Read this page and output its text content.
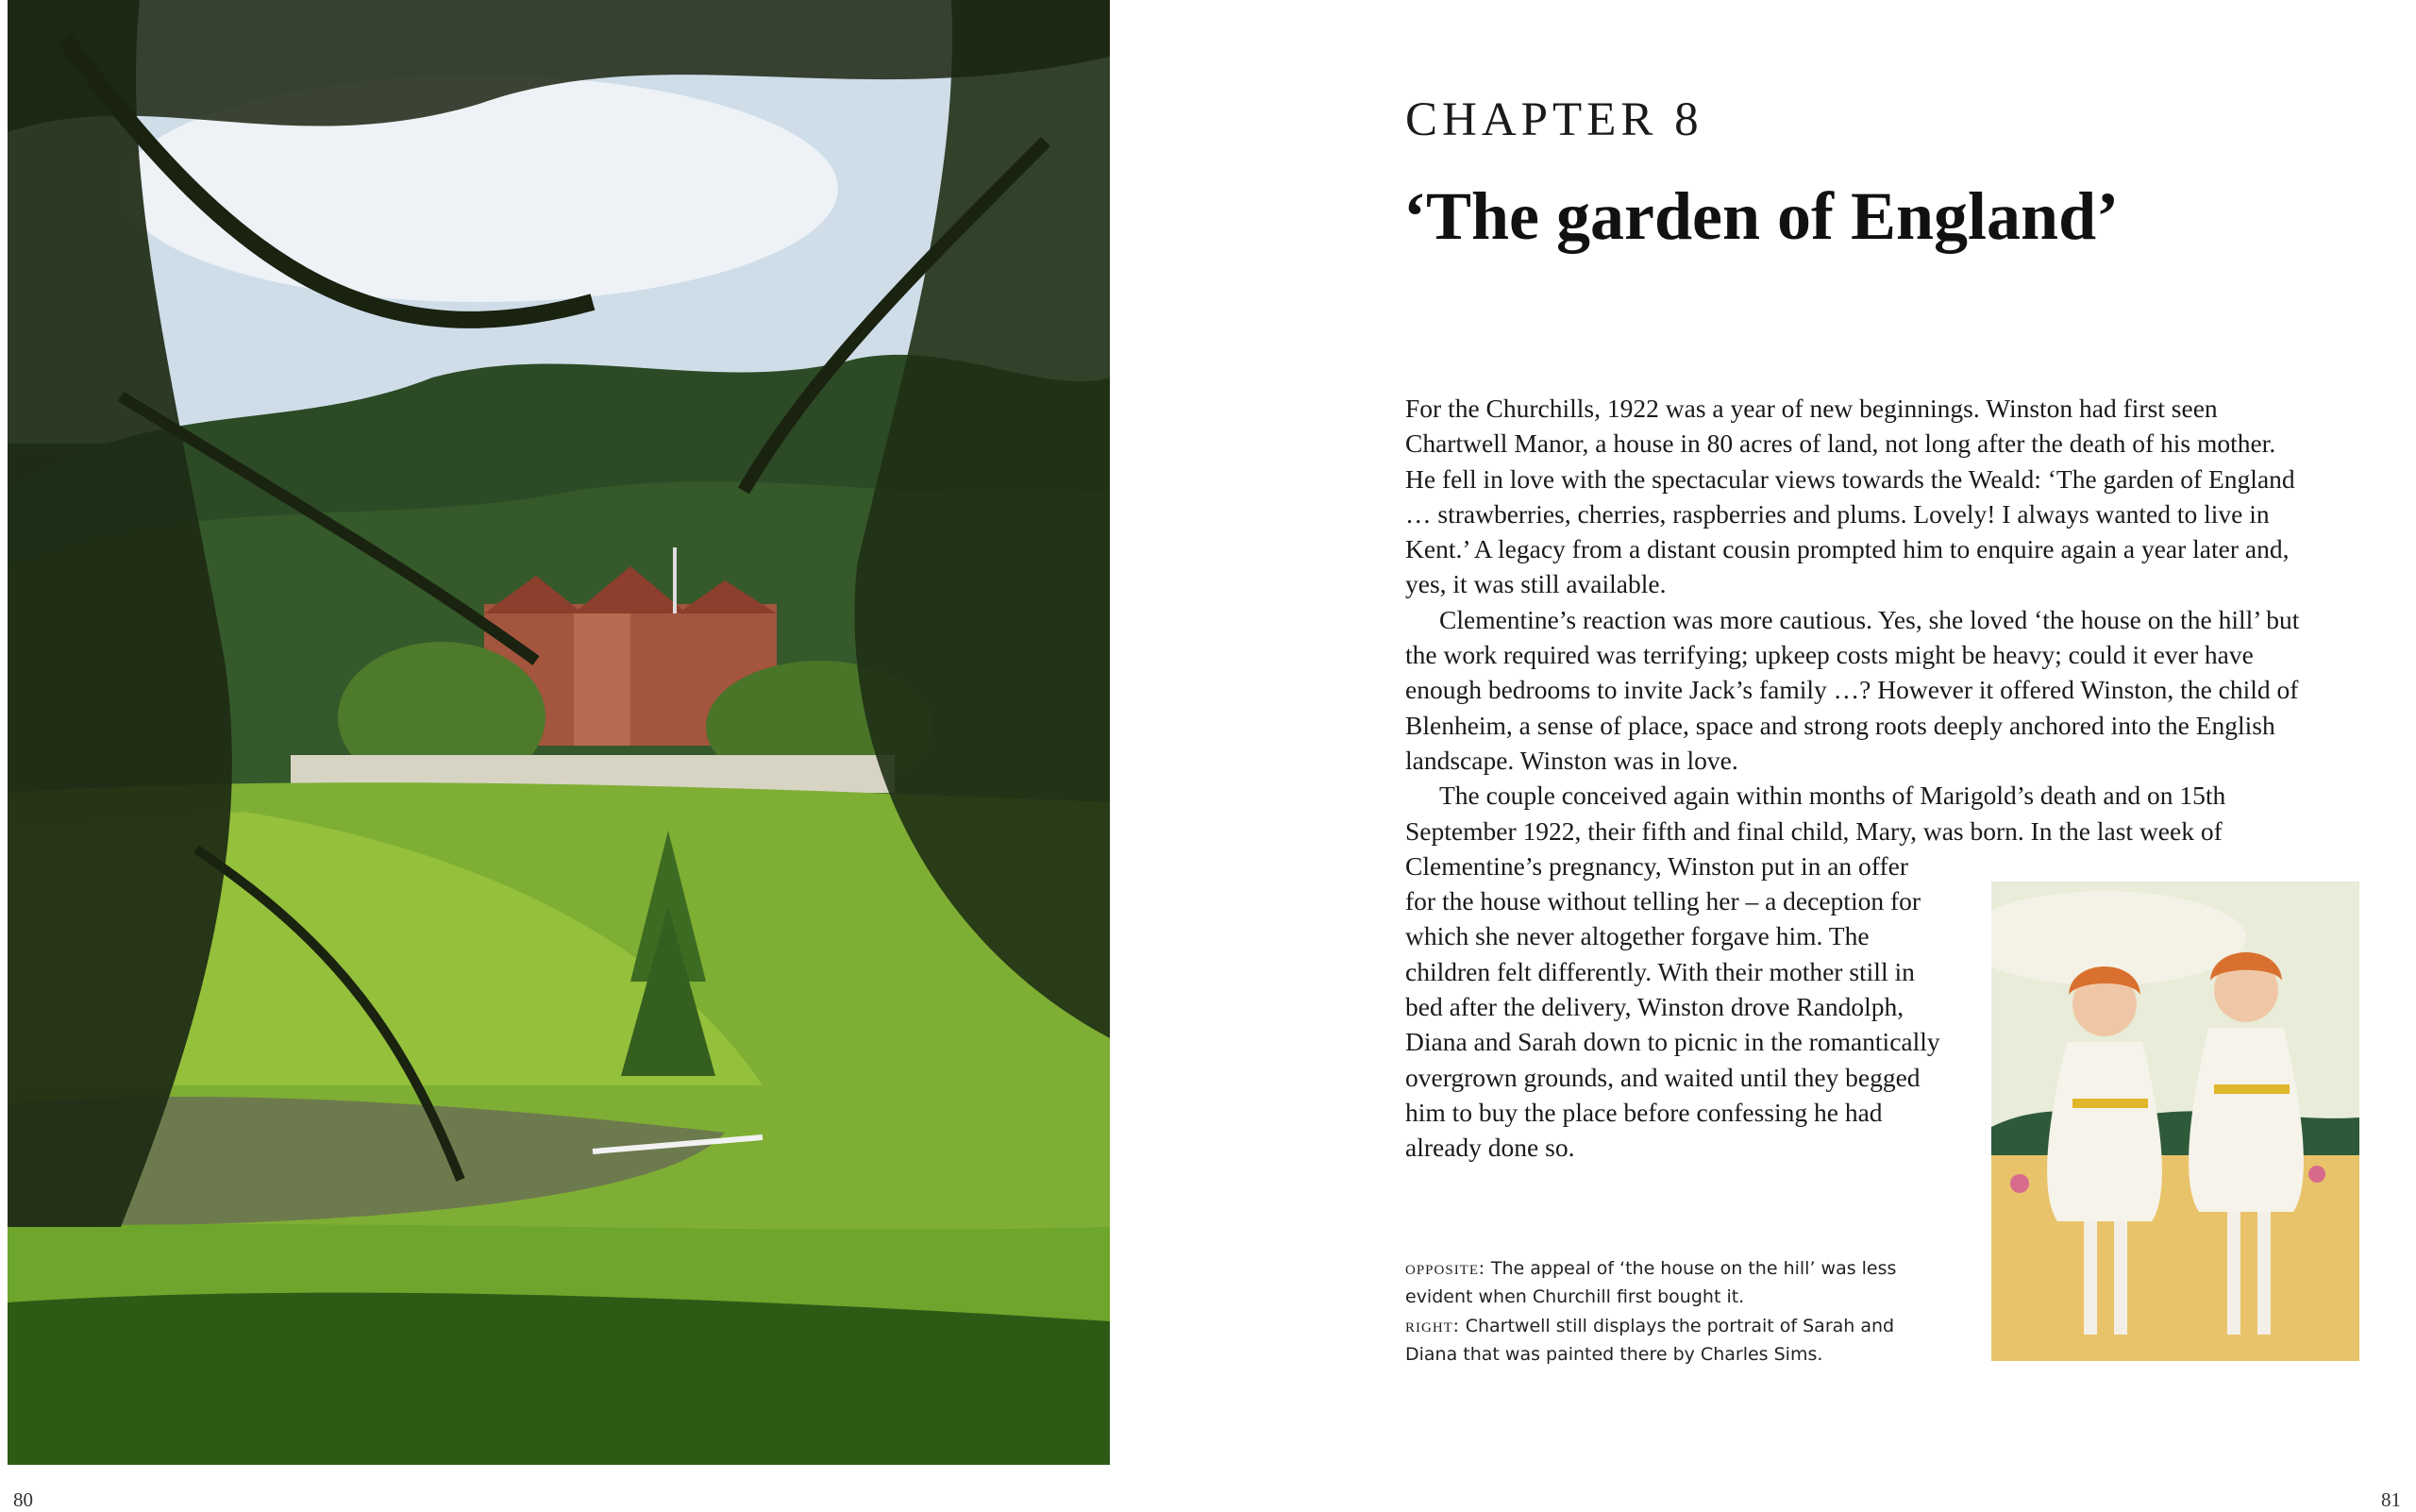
80
CHAPTER 8
‘The garden of England’

For the Churchills, 1922 was a year of new beginnings. Winston had first seen Chartwell Manor, a house in 80 acres of land, not long after the death of his mother. He fell in love with the spectacular views towards the Weald: ‘The garden of England … strawberries, cherries, raspberries and plums. Lovely! I always wanted to live in Kent.’ A legacy from a distant cousin prompted him to enquire again a year later and, yes, it was still available.

Clementine’s reaction was more cautious. Yes, she loved ‘the house on the hill’ but the work required was terrifying; upkeep costs might be heavy; could it ever have enough bedrooms to invite Jack’s family …? However it offered Winston, the child of Blenheim, a sense of place, space and strong roots deeply anchored into the English landscape. Winston was in love.

The couple conceived again within months of Marigold’s death and on 15th September 1922, their fifth and final child, Mary, was born. In the last week of

Clementine’s pregnancy, Winston put in an offer for the house without telling her – a deception for which she never altogether forgave him. The children felt differently. With their mother still in bed after the delivery, Winston drove Randolph, Diana and Sarah down to picnic in the romantically overgrown grounds, and waited until they begged him to buy the place before confessing he had already done so.

opposite: The appeal of ‘the house on the hill’ was less evident when Churchill first bought it.

right: Chartwell still displays the portrait of Sarah and Diana that was painted there by Charles Sims.

81
